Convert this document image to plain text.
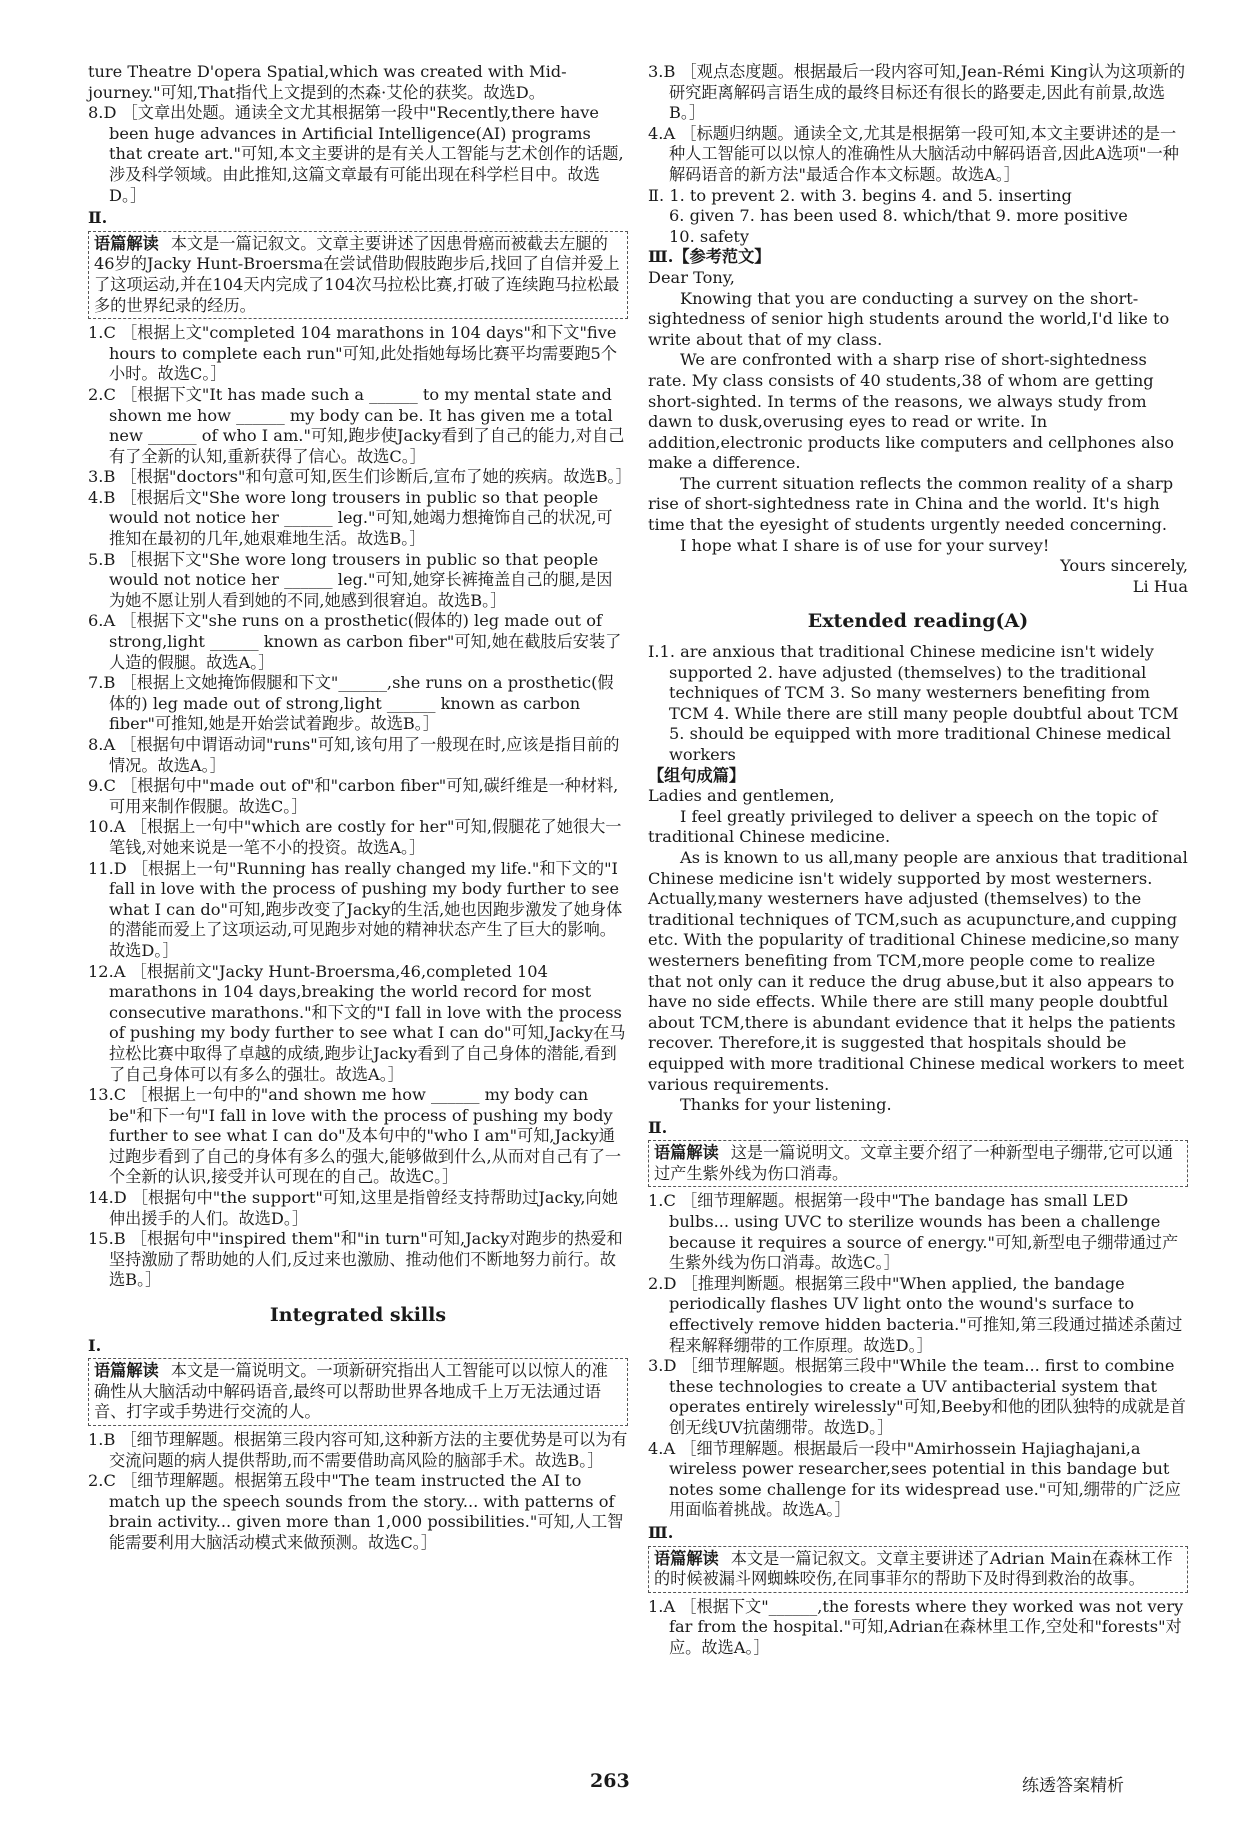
ture Theatre D'opera Spatial,which was created with Mid-journey."可知,That指代上文提到的杰森·艾伦的获奖。故选D。

8.D ［文章出处题。通读全文尤其根据第一段中"Recently,there have been huge advances in Artificial Intelligence(AI) programs that create art."可知,本文主要讲的是有关人工智能与艺术创作的话题,涉及科学领域。由此推知,这篇文章最有可能出现在科学栏目中。故选D。］

Ⅱ.

语篇解读 本文是一篇记叙文。文章主要讲述了因患骨癌而被截去左腿的46岁的Jacky Hunt-Broersma在尝试借助假肢跑步后,找回了自信并爱上了这项运动,并在104天内完成了104次马拉松比赛,打破了连续跑马拉松最多的世界纪录的经历。

1.C ［根据上文"completed 104 marathons in 104 days"和下文"five hours to complete each run"可知,此处指她每场比赛平均需要跑5个小时。故选C。］

2.C ［根据下文"It has made such a ______ to my mental state and shown me how ______ my body can be. It has given me a total new ______ of who I am."可知,跑步使Jacky看到了自己的能力,对自己有了全新的认知,重新获得了信心。故选C。］

3.B ［根据"doctors"和句意可知,医生们诊断后,宣布了她的疾病。故选B。］

4.B ［根据后文"She wore long trousers in public so that people would not notice her ______ leg."可知,她竭力想掩饰自己的状况,可推知在最初的几年,她艰难地生活。故选B。］

5.B ［根据下文"She wore long trousers in public so that people would not notice her ______ leg."可知,她穿长裤掩盖自己的腿,是因为她不愿让别人看到她的不同,她感到很窘迫。故选B。］

6.A ［根据下文"she runs on a prosthetic(假体的) leg made out of strong,light ______ known as carbon fiber"可知,她在截肢后安装了人造的假腿。故选A。］

7.B ［根据上文她掩饰假腿和下文"______,she runs on a prosthetic(假体的) leg made out of strong,light ______ known as carbon fiber"可推知,她是开始尝试着跑步。故选B。］

8.A ［根据句中谓语动词"runs"可知,该句用了一般现在时,应该是指目前的情况。故选A。］

9.C ［根据句中"made out of"和"carbon fiber"可知,碳纤维是一种材料,可用来制作假腿。故选C。］

10.A ［根据上一句中"which are costly for her"可知,假腿花了她很大一笔钱,对她来说是一笔不小的投资。故选A。］

11.D ［根据上一句"Running has really changed my life."和下文的"I fall in love with the process of pushing my body further to see what I can do"可知,跑步改变了Jacky的生活,她也因跑步激发了她身体的潜能而爱上了这项运动,可见跑步对她的精神状态产生了巨大的影响。故选D。］

12.A ［根据前文"Jacky Hunt-Broersma,46,completed 104 marathons in 104 days,breaking the world record for most consecutive marathons."和下文的"I fall in love with the process of pushing my body further to see what I can do"可知,Jacky在马拉松比赛中取得了卓越的成绩,跑步让Jacky看到了自己身体的潜能,看到了自己身体可以有多么的强壮。故选A。］

13.C ［根据上一句中的"and shown me how ______ my body can be"和下一句"I fall in love with the process of pushing my body further to see what I can do"及本句中的"who I am"可知,Jacky通过跑步看到了自己的身体有多么的强大,能够做到什么,从而对自己有了一个全新的认识,接受并认可现在的自己。故选C。］

14.D ［根据句中"the support"可知,这里是指曾经支持帮助过Jacky,向她伸出援手的人们。故选D。］

15.B ［根据句中"inspired them"和"in turn"可知,Jacky对跑步的热爱和坚持激励了帮助她的人们,反过来也激励、推动他们不断地努力前行。故选B。］

Integrated skills

Ⅰ.

语篇解读 本文是一篇说明文。一项新研究指出人工智能可以以惊人的准确性从大脑活动中解码语音,最终可以帮助世界各地成千上万无法通过语音、打字或手势进行交流的人。

1.B ［细节理解题。根据第三段内容可知,这种新方法的主要优势是可以为有交流问题的病人提供帮助,而不需要借助高风险的脑部手术。故选B。］

2.C ［细节理解题。根据第五段中"The team instructed the AI to match up the speech sounds from the story... with patterns of brain activity... given more than 1,000 possibilities."可知,人工智能需要利用大脑活动模式来做预测。故选C。］

3.B ［观点态度题。根据最后一段内容可知,Jean-Rémi King认为这项新的研究距离解码言语生成的最终目标还有很长的路要走,因此有前景,故选B。］

4.A ［标题归纳题。通读全文,尤其是根据第一段可知,本文主要讲述的是一种人工智能可以以惊人的准确性从大脑活动中解码语音,因此A选项"一种解码语音的新方法"最适合作本文标题。故选A。］

Ⅱ. 1. to prevent 2. with 3. begins 4. and 5. inserting

6. given 7. has been used 8. which/that 9. more positive

10. safety

Ⅲ.【参考范文】

Dear Tony,

Knowing that you are conducting a survey on the short-sightedness of senior high students around the world,I'd like to write about that of my class.

We are confronted with a sharp rise of short-sightedness rate. My class consists of 40 students,38 of whom are getting short-sighted. In terms of the reasons, we always study from dawn to dusk,overusing eyes to read or write. In addition,electronic products like computers and cellphones also make a difference.

The current situation reflects the common reality of a sharp rise of short-sightedness rate in China and the world. It's high time that the eyesight of students urgently needed concerning.

I hope what I share is of use for your survey!

Yours sincerely,

Li Hua

Extended reading(A)

Ⅰ.1. are anxious that traditional Chinese medicine isn't widely supported 2. have adjusted (themselves) to the traditional techniques of TCM 3. So many westerners benefiting from TCM 4. While there are still many people doubtful about TCM 5. should be equipped with more traditional Chinese medical workers

【组句成篇】

Ladies and gentlemen,

I feel greatly privileged to deliver a speech on the topic of traditional Chinese medicine.

As is known to us all,many people are anxious that traditional Chinese medicine isn't widely supported by most westerners. Actually,many westerners have adjusted (themselves) to the traditional techniques of TCM,such as acupuncture,and cupping etc. With the popularity of traditional Chinese medicine,so many westerners benefiting from TCM,more people come to realize that not only can it reduce the drug abuse,but it also appears to have no side effects. While there are still many people doubtful about TCM,there is abundant evidence that it helps the patients recover. Therefore,it is suggested that hospitals should be equipped with more traditional Chinese medical workers to meet various requirements.

Thanks for your listening.

Ⅱ.

语篇解读 这是一篇说明文。文章主要介绍了一种新型电子绷带,它可以通过产生紫外线为伤口消毒。

1.C ［细节理解题。根据第一段中"The bandage has small LED bulbs... using UVC to sterilize wounds has been a challenge because it requires a source of energy."可知,新型电子绷带通过产生紫外线为伤口消毒。故选C。］

2.D ［推理判断题。根据第三段中"When applied, the bandage periodically flashes UV light onto the wound's surface to effectively remove hidden bacteria."可推知,第三段通过描述杀菌过程来解释绷带的工作原理。故选D。］

3.D ［细节理解题。根据第三段中"While the team... first to combine these technologies to create a UV antibacterial system that operates entirely wirelessly"可知,Beeby和他的团队独特的成就是首创无线UV抗菌绷带。故选D。］

4.A ［细节理解题。根据最后一段中"Amirhossein Hajiaghajani,a wireless power researcher,sees potential in this bandage but notes some challenge for its widespread use."可知,绷带的广泛应用面临着挑战。故选A。］

Ⅲ.

语篇解读 本文是一篇记叙文。文章主要讲述了Adrian Main在森林工作的时候被漏斗网蜘蛛咬伤,在同事菲尔的帮助下及时得到救治的故事。

1.A ［根据下文"______,the forests where they worked was not very far from the hospital."可知,Adrian在森林里工作,空处和"forests"对应。故选A。］

263	练透答案精析
